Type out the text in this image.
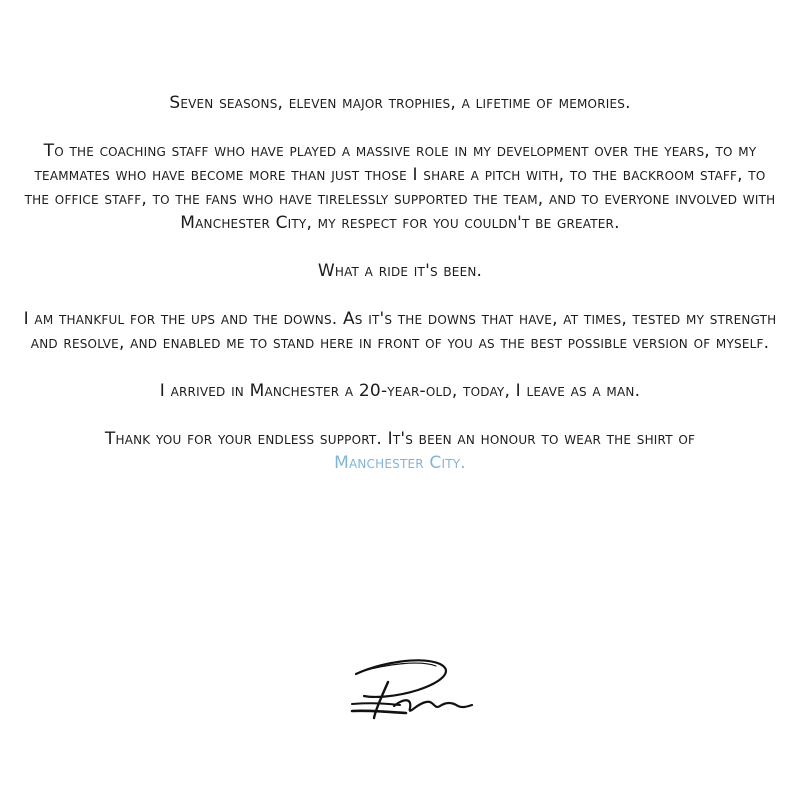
Seven seasons, eleven major trophies, a lifetime of memories.

To the coaching staff who have played a massive role in my development over the years, to my teammates who have become more than just those I share a pitch with, to the backroom staff, to the office staff, to the fans who have tirelessly supported the team, and to everyone involved with Manchester City, my respect for you couldn't be greater.

What a ride it's been.

I am thankful for the ups and the downs. As it's the downs that have, at times, tested my strength and resolve, and enabled me to stand here in front of you as the best possible version of myself.

I arrived in Manchester a 20-year-old, today, I leave as a man.

Thank you for your endless support. It's been an honour to wear the shirt of
Manchester City.
